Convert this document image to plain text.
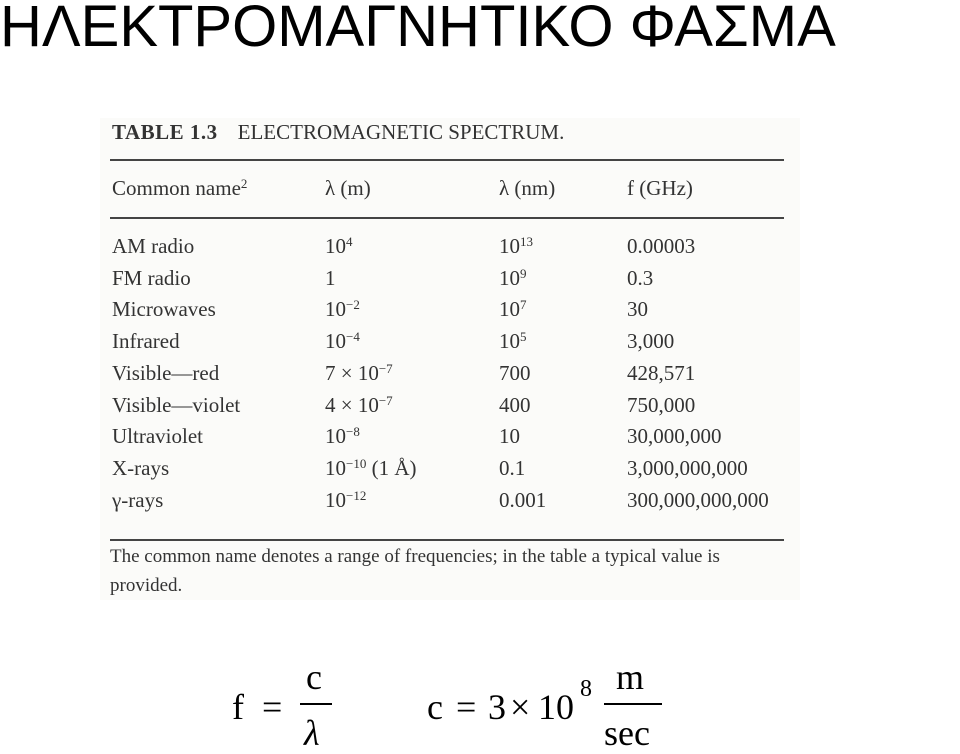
ΗΛΕΚΤΡΟΜΑΓΝΗΤΙΚΟ ΦΑΣΜΑ
TABLE 1.3 ELECTROMAGNETIC SPECTRUM.
Common name$^2$	λ (m)	λ (nm)	f (GHz)
AM radio	$10^4$	$10^{13}$	0.00003
FM radio	1	$10^9$	0.3
Microwaves	$10^{-2}$	$10^7$	30
Infrared	$10^{-4}$	$10^5$	3,000
Visible—red	$7 \times 10^{-7}$	700	428,571
Visible—violet	$4 \times 10^{-7}$	400	750,000
Ultraviolet	$10^{-8}$	10	30,000,000
X-rays	$10^{-10}$ (1 Å)	0.1	3,000,000,000
γ-rays	$10^{-12}$	0.001	300,000,000,000
The common name denotes a range of frequencies; in the table a typical value is provided.
f =
c
λ
c = 3 × 10 8 m
sec
